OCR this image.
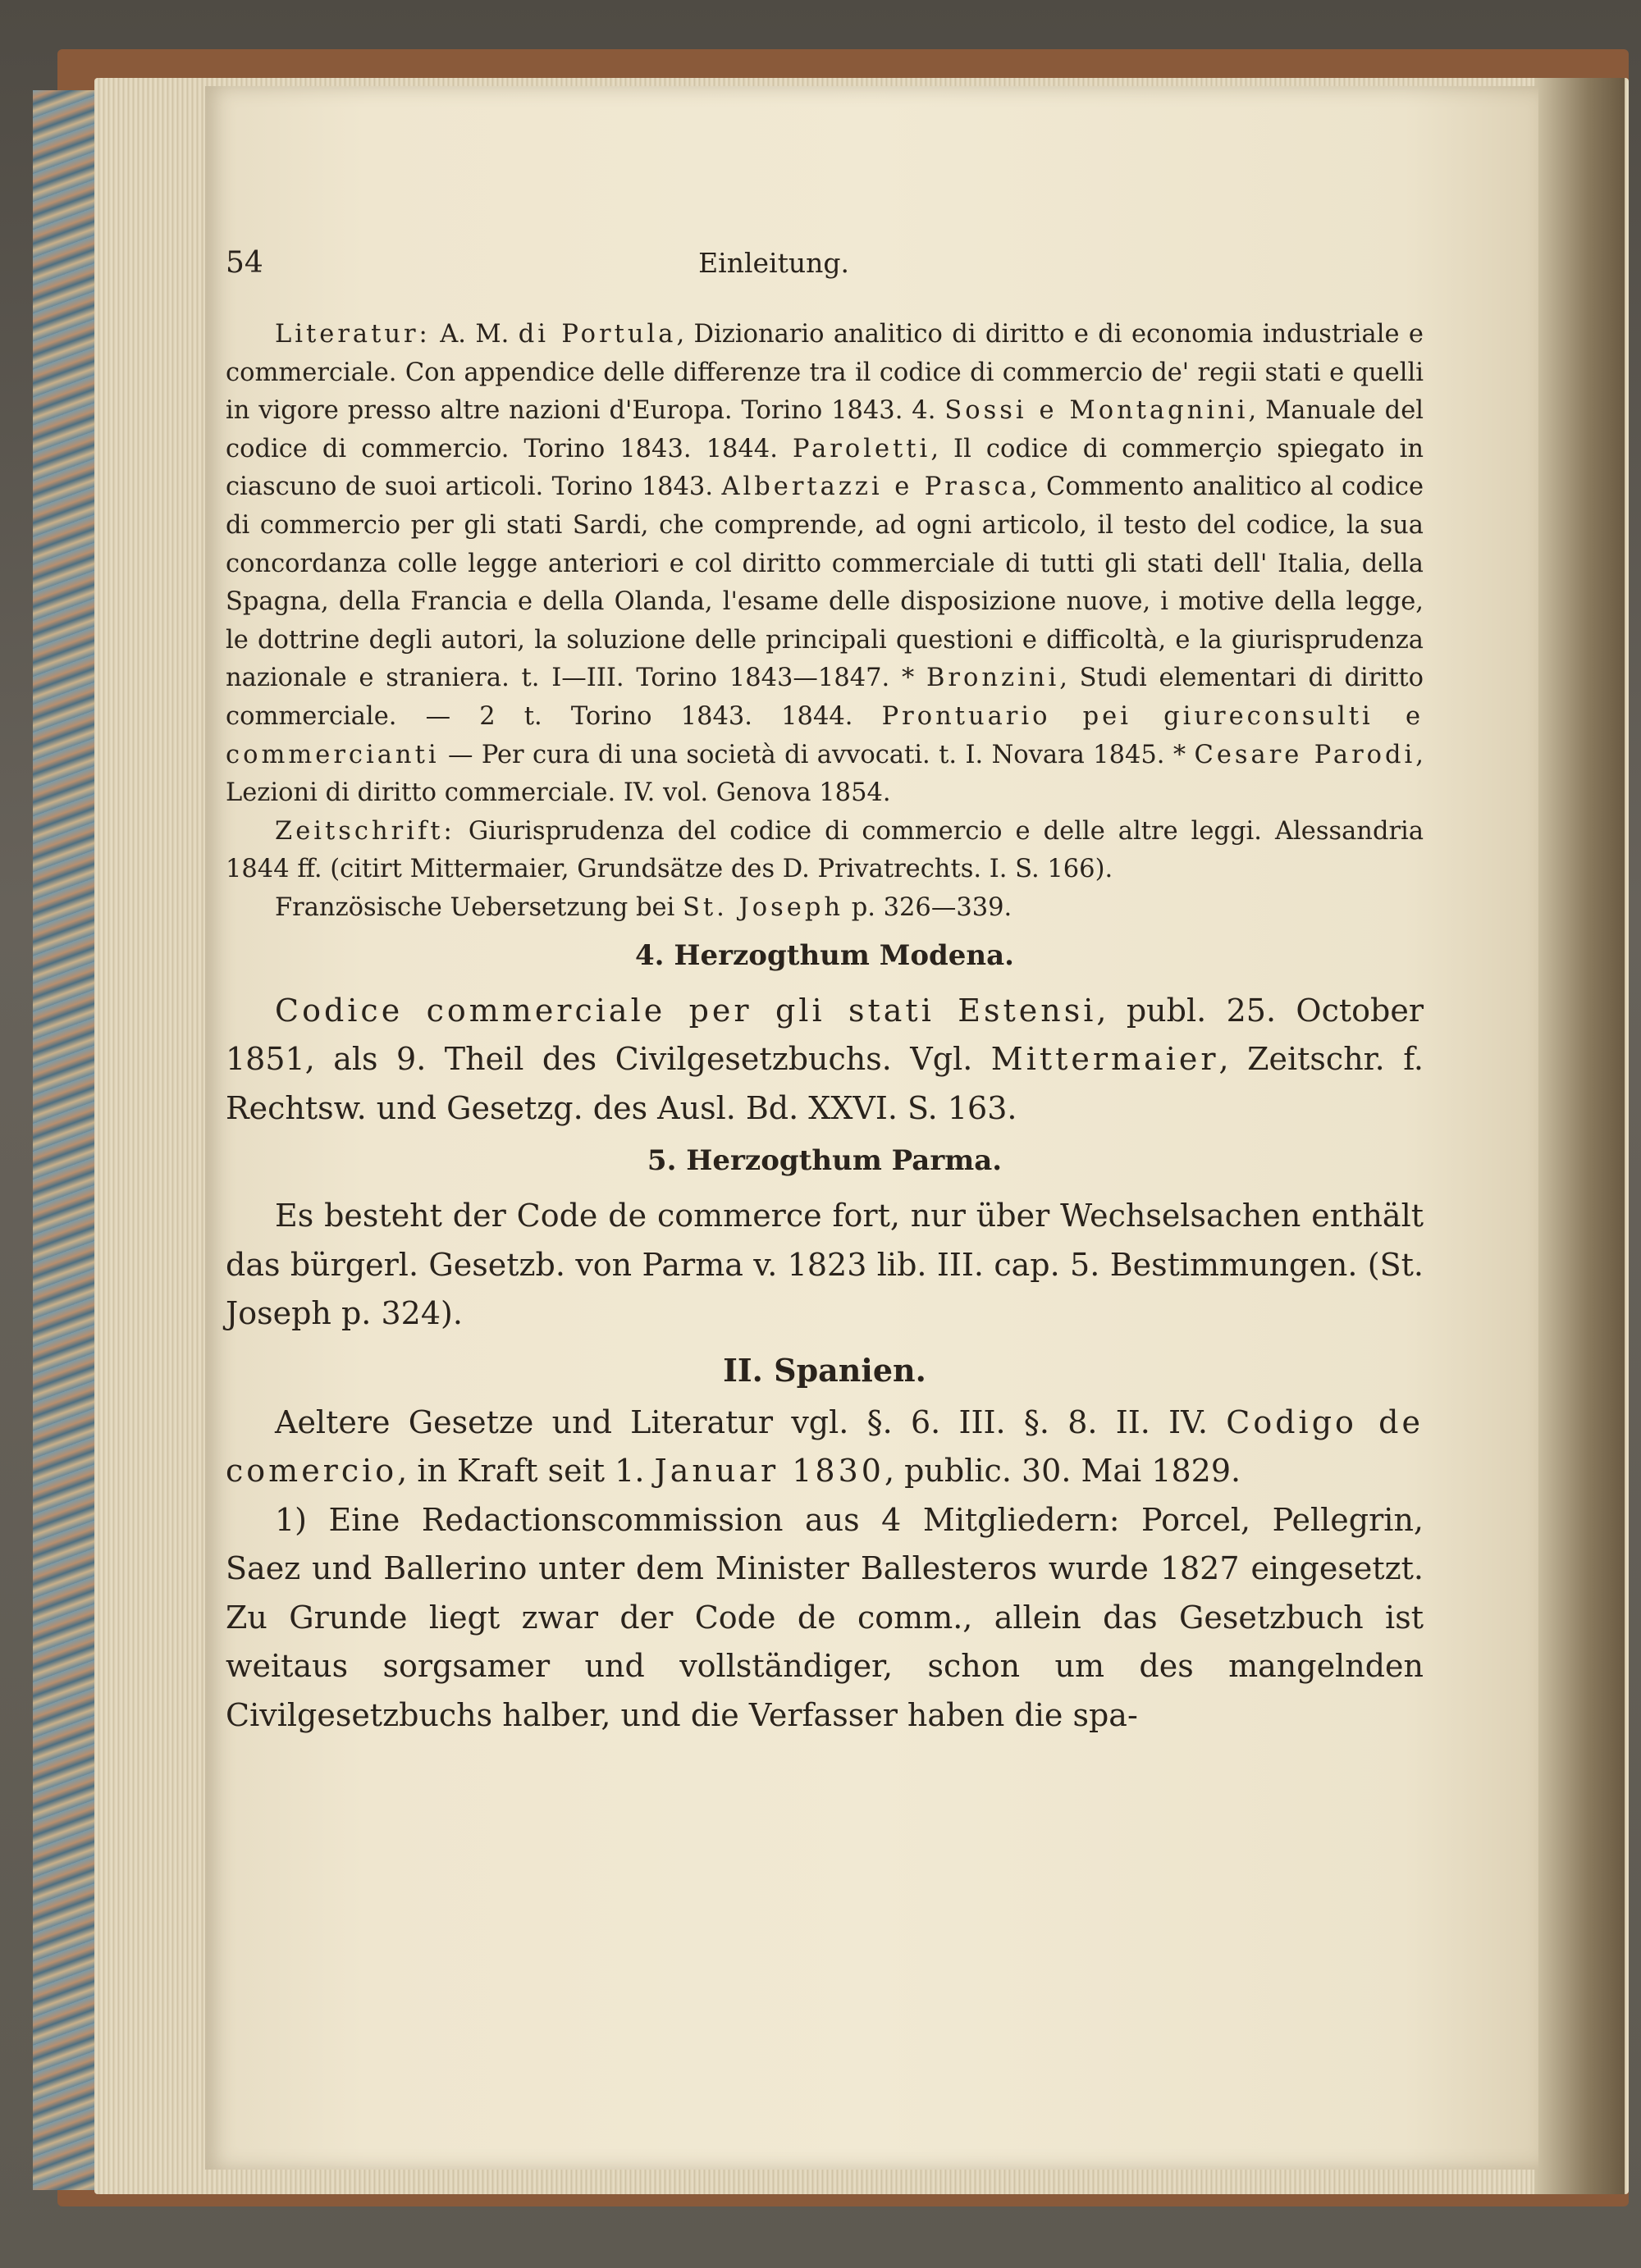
54	Einleitung.

Literatur: A. M. di Portula, Dizionario analitico di diritto e di economia industriale e commerciale. Con appendice delle differenze tra il codice di commercio de' regii stati e quelli in vigore presso altre nazioni d'Europa. Torino 1843. 4. Sossi e Montagnini, Manuale del codice di commercio. Torino 1843. 1844. Paroletti, Il codice di commerçio spiegato in ciascuno de suoi articoli. Torino 1843. Albertazzi e Prasca, Commento analitico al codice di commercio per gli stati Sardi, che comprende, ad ogni articolo, il testo del codice, la sua concordanza colle legge anteriori e col diritto commerciale di tutti gli stati dell' Italia, della Spagna, della Francia e della Olanda, l'esame delle disposizione nuove, i motive della legge, le dottrine degli autori, la soluzione delle principali questioni e difficoltà, e la giurisprudenza nazionale e straniera. t. I—III. Torino 1843—1847. * Bronzini, Studi elementari di diritto commerciale. — 2 t. Torino 1843. 1844. Prontuario pei giureconsulti e commercianti — Per cura di una società di avvocati. t. I. Novara 1845. * Cesare Parodi, Lezioni di diritto commerciale. IV. vol. Genova 1854.

Zeitschrift: Giurisprudenza del codice di commercio e delle altre leggi. Alessandria 1844 ff. (citirt Mittermaier, Grundsätze des D. Privatrechts. I. S. 166).

Französische Uebersetzung bei St. Joseph p. 326—339.

4. Herzogthum Modena.

Codice commerciale per gli stati Estensi, publ. 25. October 1851, als 9. Theil des Civilgesetzbuchs. Vgl. Mittermaier, Zeitschr. f. Rechtsw. und Gesetzg. des Ausl. Bd. XXVI. S. 163.

5. Herzogthum Parma.

Es besteht der Code de commerce fort, nur über Wechselsachen enthält das bürgerl. Gesetzb. von Parma v. 1823 lib. III. cap. 5. Bestimmungen. (St. Joseph p. 324).

II. Spanien.

Aeltere Gesetze und Literatur vgl. §. 6. III. §. 8. II. IV. Codigo de comercio, in Kraft seit 1. Januar 1830, public. 30. Mai 1829.

1) Eine Redactionscommission aus 4 Mitgliedern: Porcel, Pellegrin, Saez und Ballerino unter dem Minister Ballesteros wurde 1827 eingesetzt. Zu Grunde liegt zwar der Code de comm., allein das Gesetzbuch ist weitaus sorgsamer und vollständiger, schon um des mangelnden Civilgesetzbuchs halber, und die Verfasser haben die spa-
